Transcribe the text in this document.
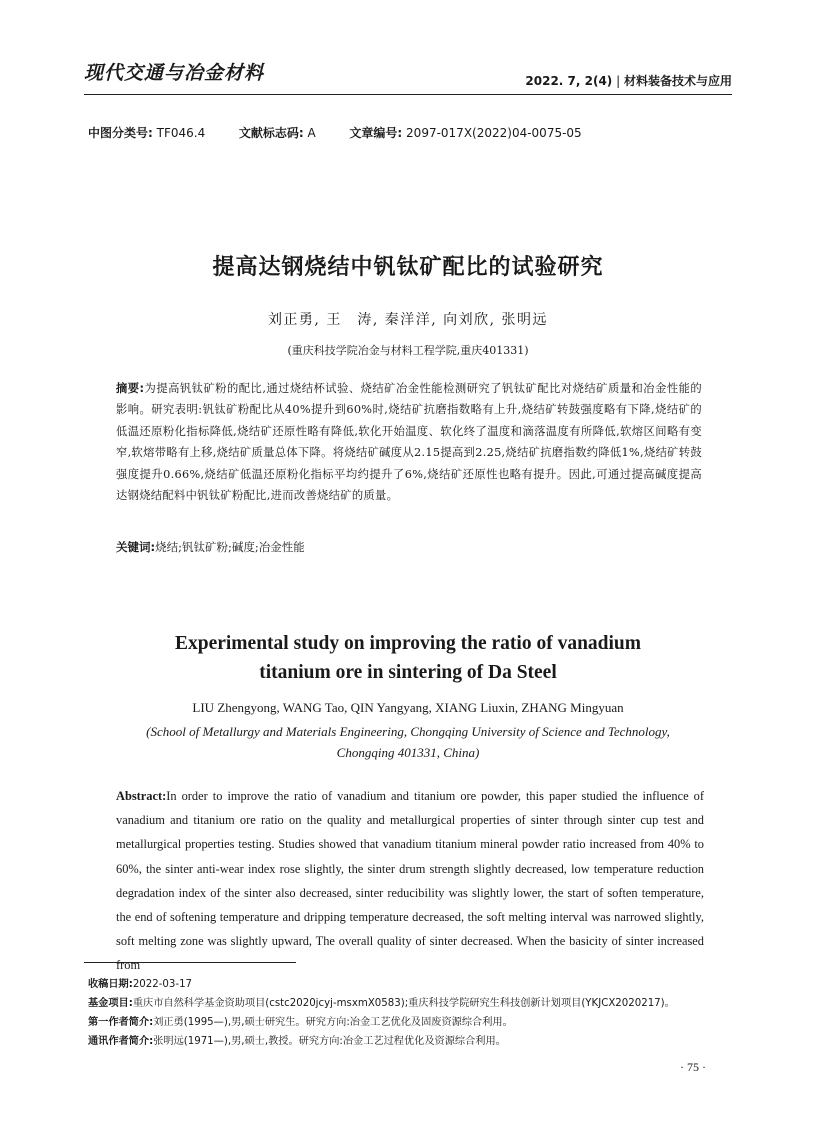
现代交通与冶金材料	2022. 7, 2(4) | 材料装备技术与应用
中图分类号: TF046.4	文献标志码: A	文章编号: 2097-017X(2022)04-0075-05
提高达钢烧结中钒钛矿配比的试验研究
刘正勇, 王　涛, 秦洋洋, 向刘欣, 张明远
(重庆科技学院冶金与材料工程学院,重庆401331)
摘要:为提高钒钛矿粉的配比,通过烧结杯试验、烧结矿冶金性能检测研究了钒钛矿配比对烧结矿质量和冶金性能的影响。研究表明:钒钛矿粉配比从40%提升到60%时,烧结矿抗磨指数略有上升,烧结矿转鼓强度略有下降,烧结矿的低温还原粉化指标降低,烧结矿还原性略有降低,软化开始温度、软化终了温度和滴落温度有所降低,软熔区间略有变窄,软熔带略有上移,烧结矿质量总体下降。将烧结矿碱度从2.15提高到2.25,烧结矿抗磨指数约降低1%,烧结矿转鼓强度提升0.66%,烧结矿低温还原粉化指标平均约提升了6%,烧结矿还原性也略有提升。因此,可通过提高碱度提高达钢烧结配料中钒钛矿粉配比,进而改善烧结矿的质量。
关键词:烧结;钒钛矿粉;碱度;冶金性能
Experimental study on improving the ratio of vanadium
titanium ore in sintering of Da Steel
LIU Zhengyong, WANG Tao, QIN Yangyang, XIANG Liuxin, ZHANG Mingyuan
(School of Metallurgy and Materials Engineering, Chongqing University of Science and Technology, Chongqing 401331, China)
Abstract:In order to improve the ratio of vanadium and titanium ore powder, this paper studied the influence of vanadium and titanium ore ratio on the quality and metallurgical properties of sinter through sinter cup test and metallurgical properties testing. Studies showed that vanadium titanium mineral powder ratio increased from 40% to 60%, the sinter anti-wear index rose slightly, the sinter drum strength slightly decreased, low temperature reduction degradation index of the sinter also decreased, sinter reducibility was slightly lower, the start of soften temperature, the end of softening temperature and dripping temperature decreased, the soft melting interval was narrowed slightly, soft melting zone was slightly upward, The overall quality of sinter decreased. When the basicity of sinter increased from
收稿日期:2022-03-17
基金项目:重庆市自然科学基金资助项目(cstc2020jcyj-msxmX0583);重庆科技学院研究生科技创新计划项目(YKJCX2020217)。
第一作者简介:刘正勇(1995—),男,硕士研究生。研究方向:冶金工艺优化及固废资源综合利用。
通讯作者简介:张明远(1971—),男,硕士,教授。研究方向:冶金工艺过程优化及资源综合利用。
· 75 ·
